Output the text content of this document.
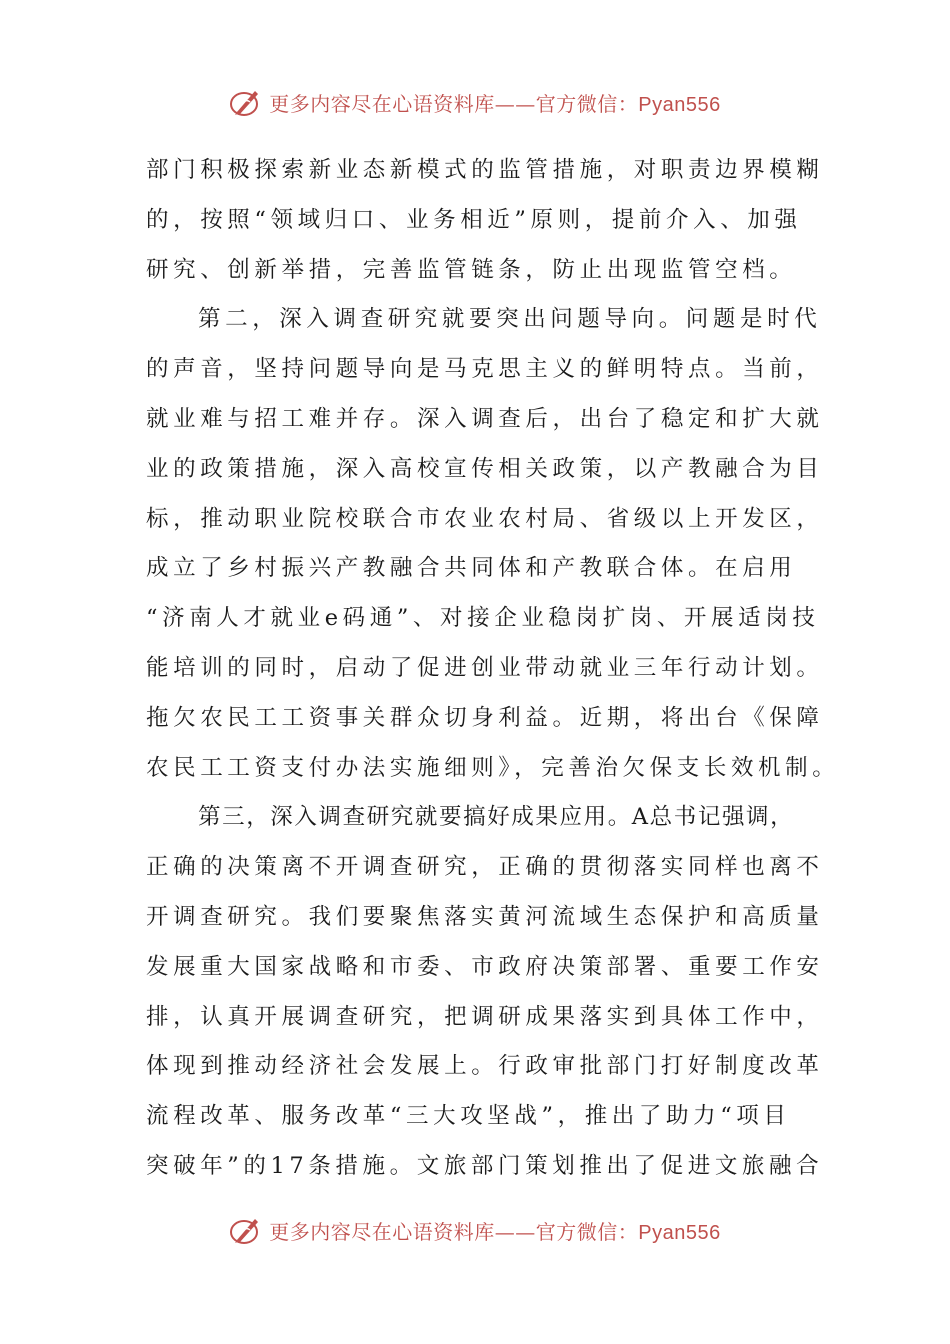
更多内容尽在心语资料库——官方微信：Pyan556
部门积极探索新业态新模式的监管措施，对职责边界模糊
的，按照“领域归口、业务相近”原则，提前介入、加强
研究、创新举措，完善监管链条，防止出现监管空档。
第二，深入调查研究就要突出问题导向。问题是时代
的声音，坚持问题导向是马克思主义的鲜明特点。当前，
就业难与招工难并存。深入调查后，出台了稳定和扩大就
业的政策措施，深入高校宣传相关政策，以产教融合为目
标，推动职业院校联合市农业农村局、省级以上开发区，
成立了乡村振兴产教融合共同体和产教联合体。在启用
“济南人才就业e码通”、对接企业稳岗扩岗、开展适岗技
能培训的同时，启动了促进创业带动就业三年行动计划。
拖欠农民工工资事关群众切身利益。近期，将出台《保障
农民工工资支付办法实施细则》，完善治欠保支长效机制。
第三，深入调查研究就要搞好成果应用。A总书记强调，
正确的决策离不开调查研究，正确的贯彻落实同样也离不
开调查研究。我们要聚焦落实黄河流域生态保护和高质量
发展重大国家战略和市委、市政府决策部署、重要工作安
排，认真开展调查研究，把调研成果落实到具体工作中，
体现到推动经济社会发展上。行政审批部门打好制度改革
流程改革、服务改革“三大攻坚战”，推出了助力“项目
突破年”的17条措施。文旅部门策划推出了促进文旅融合
更多内容尽在心语资料库——官方微信：Pyan556
